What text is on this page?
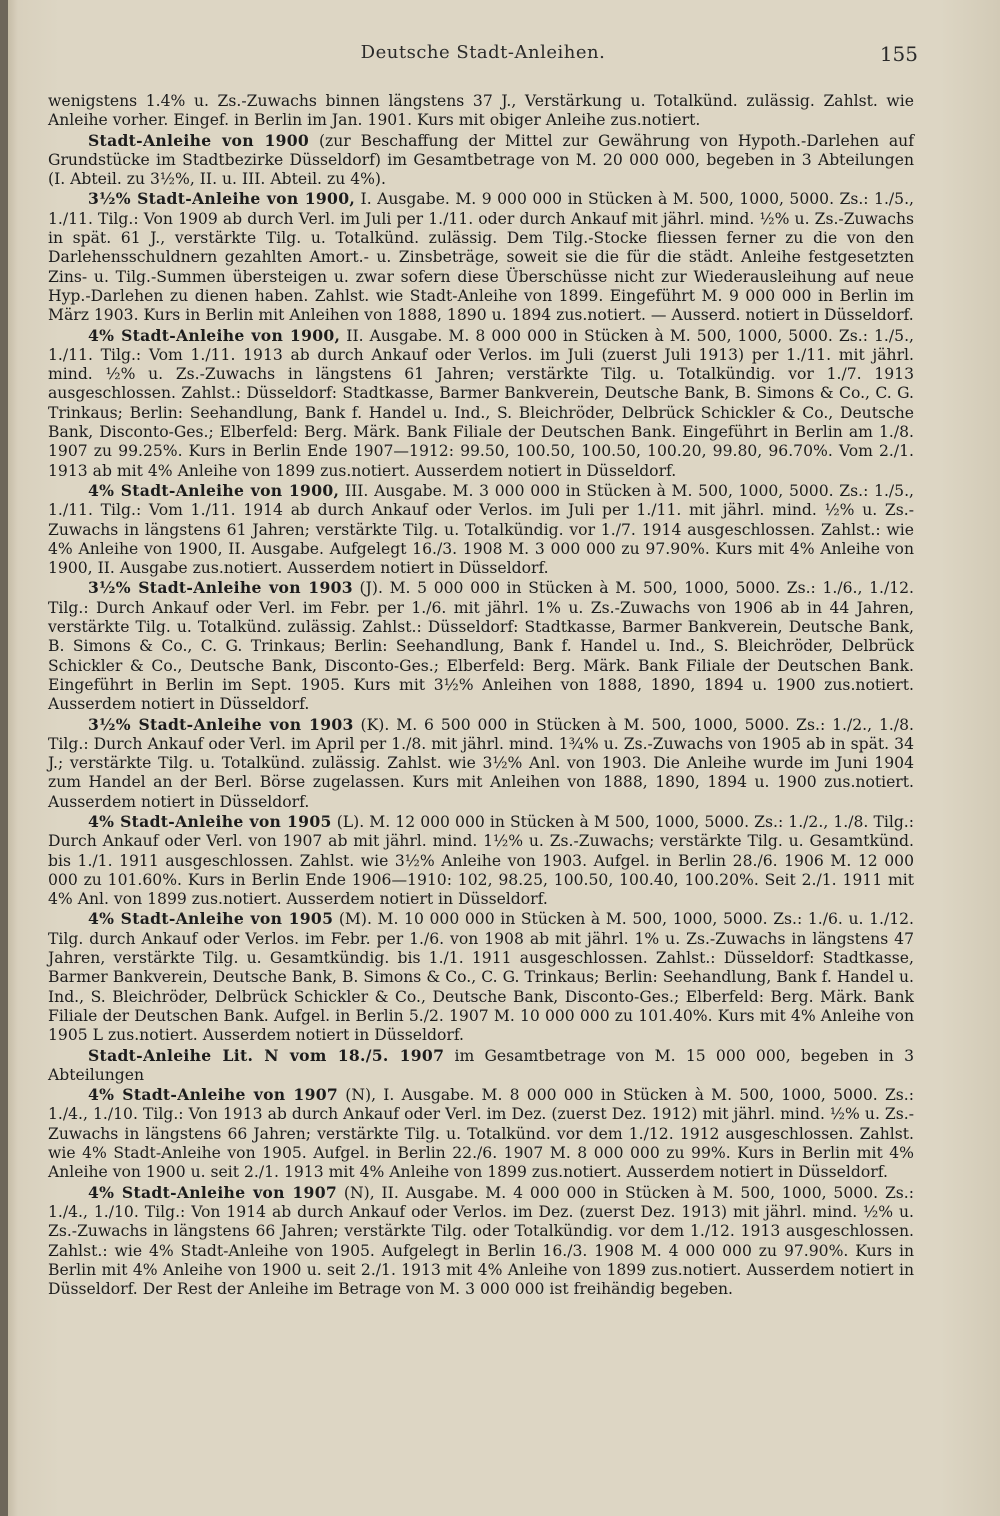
Deutsche Stadt-Anleihen.	155

wenigstens 1.4% u. Zs.-Zuwachs binnen längstens 37 J., Verstärkung u. Totalkünd. zulässig. Zahlst. wie Anleihe vorher. Eingef. in Berlin im Jan. 1901. Kurs mit obiger Anleihe zus.notiert.

Stadt-Anleihe von 1900 (zur Beschaffung der Mittel zur Gewährung von Hypoth.-Darlehen auf Grundstücke im Stadtbezirke Düsseldorf) im Gesamtbetrage von M. 20 000 000, begeben in 3 Abteilungen (I. Abteil. zu 3½%, II. u. III. Abteil. zu 4%).

3½% Stadt-Anleihe von 1900, I. Ausgabe. M. 9 000 000 in Stücken à M. 500, 1000, 5000. Zs.: 1./5., 1./11. Tilg.: Von 1909 ab durch Verl. im Juli per 1./11. oder durch Ankauf mit jährl. mind. ½% u. Zs.-Zuwachs in spät. 61 J., verstärkte Tilg. u. Totalkünd. zulässig. Dem Tilg.-Stocke fliessen ferner zu die von den Darlehensschuldnern gezahlten Amort.- u. Zinsbeträge, soweit sie die für die städt. Anleihe festgesetzten Zins- u. Tilg.-Summen übersteigen u. zwar sofern diese Überschüsse nicht zur Wiederausleihung auf neue Hyp.-Darlehen zu dienen haben. Zahlst. wie Stadt-Anleihe von 1899. Eingeführt M. 9 000 000 in Berlin im März 1903. Kurs in Berlin mit Anleihen von 1888, 1890 u. 1894 zus.notiert. — Ausserd. notiert in Düsseldorf.

4% Stadt-Anleihe von 1900, II. Ausgabe. M. 8 000 000 in Stücken à M. 500, 1000, 5000. Zs.: 1./5., 1./11. Tilg.: Vom 1./11. 1913 ab durch Ankauf oder Verlos. im Juli (zuerst Juli 1913) per 1./11. mit jährl. mind. ½% u. Zs.-Zuwachs in längstens 61 Jahren; verstärkte Tilg. u. Totalkündig. vor 1./7. 1913 ausgeschlossen. Zahlst.: Düsseldorf: Stadtkasse, Barmer Bankverein, Deutsche Bank, B. Simons & Co., C. G. Trinkaus; Berlin: Seehandlung, Bank f. Handel u. Ind., S. Bleichröder, Delbrück Schickler & Co., Deutsche Bank, Disconto-Ges.; Elberfeld: Berg. Märk. Bank Filiale der Deutschen Bank. Eingeführt in Berlin am 1./8. 1907 zu 99.25%. Kurs in Berlin Ende 1907—1912: 99.50, 100.50, 100.50, 100.20, 99.80, 96.70%. Vom 2./1. 1913 ab mit 4% Anleihe von 1899 zus.notiert. Ausserdem notiert in Düsseldorf.

4% Stadt-Anleihe von 1900, III. Ausgabe. M. 3 000 000 in Stücken à M. 500, 1000, 5000. Zs.: 1./5., 1./11. Tilg.: Vom 1./11. 1914 ab durch Ankauf oder Verlos. im Juli per 1./11. mit jährl. mind. ½% u. Zs.-Zuwachs in längstens 61 Jahren; verstärkte Tilg. u. Totalkündig. vor 1./7. 1914 ausgeschlossen. Zahlst.: wie 4% Anleihe von 1900, II. Ausgabe. Aufgelegt 16./3. 1908 M. 3 000 000 zu 97.90%. Kurs mit 4% Anleihe von 1900, II. Ausgabe zus.notiert. Ausserdem notiert in Düsseldorf.

3½% Stadt-Anleihe von 1903 (J). M. 5 000 000 in Stücken à M. 500, 1000, 5000. Zs.: 1./6., 1./12. Tilg.: Durch Ankauf oder Verl. im Febr. per 1./6. mit jährl. 1% u. Zs.-Zuwachs von 1906 ab in 44 Jahren, verstärkte Tilg. u. Totalkünd. zulässig. Zahlst.: Düsseldorf: Stadtkasse, Barmer Bankverein, Deutsche Bank, B. Simons & Co., C. G. Trinkaus; Berlin: Seehandlung, Bank f. Handel u. Ind., S. Bleichröder, Delbrück Schickler & Co., Deutsche Bank, Disconto-Ges.; Elberfeld: Berg. Märk. Bank Filiale der Deutschen Bank. Eingeführt in Berlin im Sept. 1905. Kurs mit 3½% Anleihen von 1888, 1890, 1894 u. 1900 zus.notiert. Ausserdem notiert in Düsseldorf.

3½% Stadt-Anleihe von 1903 (K). M. 6 500 000 in Stücken à M. 500, 1000, 5000. Zs.: 1./2., 1./8. Tilg.: Durch Ankauf oder Verl. im April per 1./8. mit jährl. mind. 1¾% u. Zs.-Zuwachs von 1905 ab in spät. 34 J.; verstärkte Tilg. u. Totalkünd. zulässig. Zahlst. wie 3½% Anl. von 1903. Die Anleihe wurde im Juni 1904 zum Handel an der Berl. Börse zugelassen. Kurs mit Anleihen von 1888, 1890, 1894 u. 1900 zus.notiert. Ausserdem notiert in Düsseldorf.

4% Stadt-Anleihe von 1905 (L). M. 12 000 000 in Stücken à M 500, 1000, 5000. Zs.: 1./2., 1./8. Tilg.: Durch Ankauf oder Verl. von 1907 ab mit jährl. mind. 1½% u. Zs.-Zuwachs; verstärkte Tilg. u. Gesamtkünd. bis 1./1. 1911 ausgeschlossen. Zahlst. wie 3½% Anleihe von 1903. Aufgel. in Berlin 28./6. 1906 M. 12 000 000 zu 101.60%. Kurs in Berlin Ende 1906—1910: 102, 98.25, 100.50, 100.40, 100.20%. Seit 2./1. 1911 mit 4% Anl. von 1899 zus.notiert. Ausserdem notiert in Düsseldorf.

4% Stadt-Anleihe von 1905 (M). M. 10 000 000 in Stücken à M. 500, 1000, 5000. Zs.: 1./6. u. 1./12. Tilg. durch Ankauf oder Verlos. im Febr. per 1./6. von 1908 ab mit jährl. 1% u. Zs.-Zuwachs in längstens 47 Jahren, verstärkte Tilg. u. Gesamtkündig. bis 1./1. 1911 ausgeschlossen. Zahlst.: Düsseldorf: Stadtkasse, Barmer Bankverein, Deutsche Bank, B. Simons & Co., C. G. Trinkaus; Berlin: Seehandlung, Bank f. Handel u. Ind., S. Bleichröder, Delbrück Schickler & Co., Deutsche Bank, Disconto-Ges.; Elberfeld: Berg. Märk. Bank Filiale der Deutschen Bank. Aufgel. in Berlin 5./2. 1907 M. 10 000 000 zu 101.40%. Kurs mit 4% Anleihe von 1905 L zus.notiert. Ausserdem notiert in Düsseldorf.

Stadt-Anleihe Lit. N vom 18./5. 1907 im Gesamtbetrage von M. 15 000 000, begeben in 3 Abteilungen

4% Stadt-Anleihe von 1907 (N), I. Ausgabe. M. 8 000 000 in Stücken à M. 500, 1000, 5000. Zs.: 1./4., 1./10. Tilg.: Von 1913 ab durch Ankauf oder Verl. im Dez. (zuerst Dez. 1912) mit jährl. mind. ½% u. Zs.-Zuwachs in längstens 66 Jahren; verstärkte Tilg. u. Totalkünd. vor dem 1./12. 1912 ausgeschlossen. Zahlst. wie 4% Stadt-Anleihe von 1905. Aufgel. in Berlin 22./6. 1907 M. 8 000 000 zu 99%. Kurs in Berlin mit 4% Anleihe von 1900 u. seit 2./1. 1913 mit 4% Anleihe von 1899 zus.notiert. Ausserdem notiert in Düsseldorf.

4% Stadt-Anleihe von 1907 (N), II. Ausgabe. M. 4 000 000 in Stücken à M. 500, 1000, 5000. Zs.: 1./4., 1./10. Tilg.: Von 1914 ab durch Ankauf oder Verlos. im Dez. (zuerst Dez. 1913) mit jährl. mind. ½% u. Zs.-Zuwachs in längstens 66 Jahren; verstärkte Tilg. oder Totalkündig. vor dem 1./12. 1913 ausgeschlossen. Zahlst.: wie 4% Stadt-Anleihe von 1905. Aufgelegt in Berlin 16./3. 1908 M. 4 000 000 zu 97.90%. Kurs in Berlin mit 4% Anleihe von 1900 u. seit 2./1. 1913 mit 4% Anleihe von 1899 zus.notiert. Ausserdem notiert in Düsseldorf. Der Rest der Anleihe im Betrage von M. 3 000 000 ist freihändig begeben.
